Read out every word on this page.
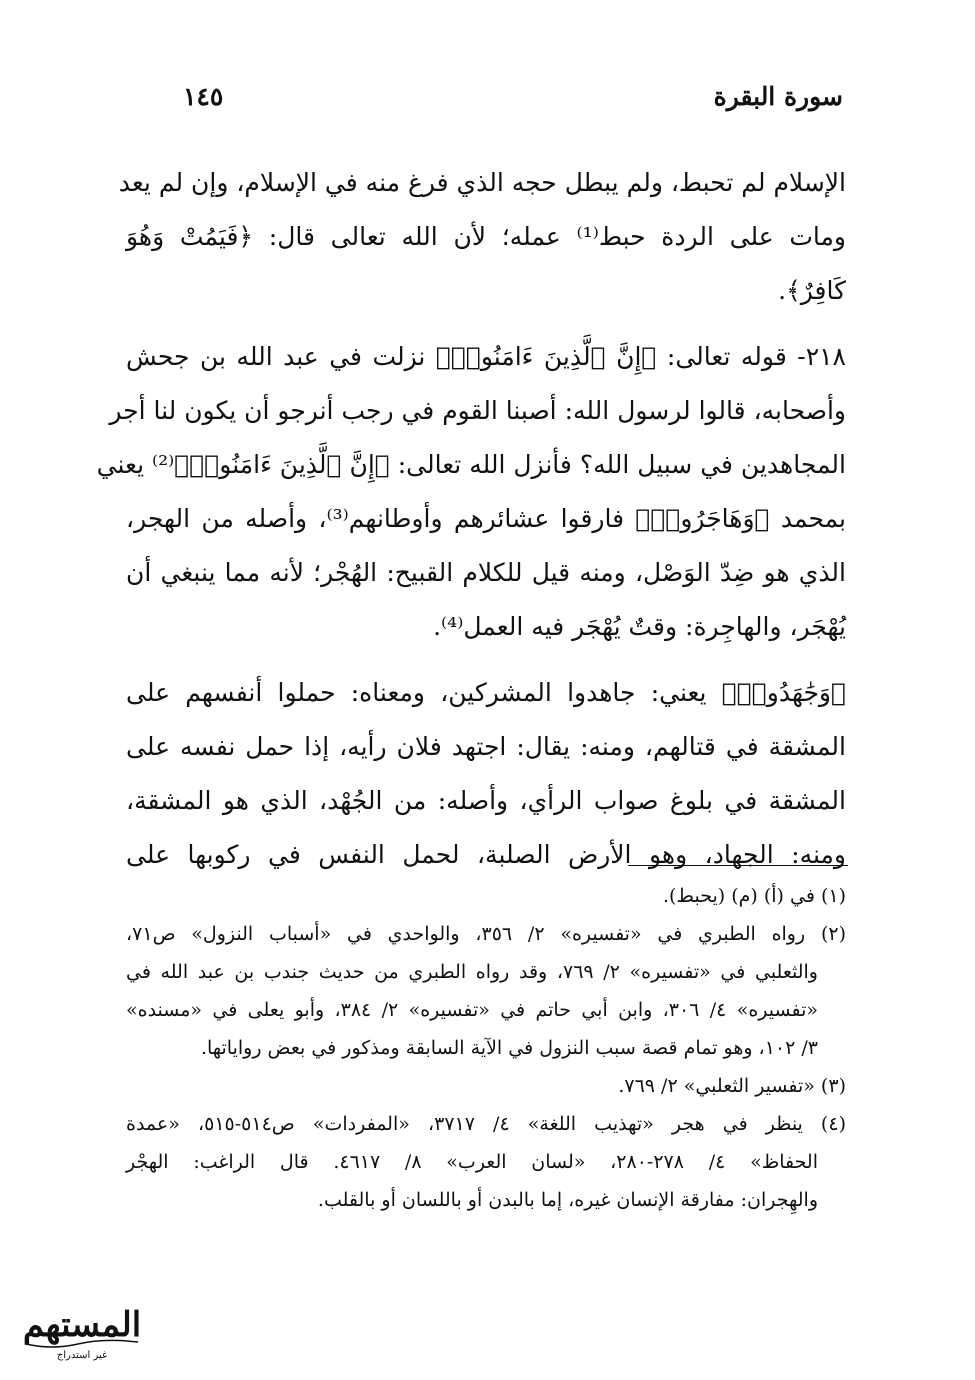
سورة البقرة
١٤٥
الإسلام لم تحبط، ولم يبطل حجه الذي فرغ منه في الإسلام، وإن لم يعد
ومات على الردة حبط⁽¹⁾ عمله؛ لأن الله تعالى قال: ﴿فَيَمُتْ وَهُوَ
كَافِرٌ﴾.
٢١٨- قوله تعالى: ﴿إِنَّ ٱلَّذِينَ ءَامَنُوا۟﴾ نزلت في عبد الله بن جحش
وأصحابه، قالوا لرسول الله: أصبنا القوم في رجب أنرجو أن يكون لنا أجر
المجاهدين في سبيل الله؟ فأنزل الله تعالى: ﴿إِنَّ ٱلَّذِينَ ءَامَنُوا۟﴾⁽²⁾ يعني
بمحمد ﴿وَهَاجَرُوا۟﴾ فارقوا عشائرهم وأوطانهم⁽³⁾، وأصله من الهجر،
الذي هو ضِدّ الوَصْل، ومنه قيل للكلام القبيح: الهُجْر؛ لأنه مما ينبغي أن
يُهْجَر، والهاجِرة: وقتٌ يُهْجَر فيه العمل⁽⁴⁾.
﴿وَجَٰهَدُوا۟﴾ يعني: جاهدوا المشركين، ومعناه: حملوا أنفسهم على
المشقة في قتالهم، ومنه: يقال: اجتهد فلان رأيه، إذا حمل نفسه على
المشقة في بلوغ صواب الرأي، وأصله: من الجُهْد، الذي هو المشقة،
ومنه: الجهاد، وهو الأرض الصلبة، لحمل النفس في ركوبها على
(١) في (أ) (م) (يحبط).
(٢) رواه الطبري في «تفسيره» ٢/ ٣٥٦، والواحدي في «أسباب النزول» ص٧١،
والثعلبي في «تفسيره» ٢/ ٧٦٩، وقد رواه الطبري من حديث جندب بن عبد الله في
«تفسيره» ٤/ ٣٠٦، وابن أبي حاتم في «تفسيره» ٢/ ٣٨٤، وأبو يعلى في «مسنده»
٣/ ١٠٢، وهو تمام قصة سبب النزول في الآية السابقة ومذكور في بعض رواياتها.
(٣) «تفسير الثعلبي» ٢/ ٧٦٩.
(٤) ينظر في هجر «تهذيب اللغة» ٤/ ٣٧١٧، «المفردات» ص٥١٤-٥١٥، «عمدة
الحفاظ» ٤/ ٢٧٨-٢٨٠، «لسان العرب» ٨/ ٤٦١٧. قال الراغب: الهجْر
والهِجران: مفارقة الإنسان غيره، إما بالبدن أو باللسان أو بالقلب.
المستهم
غير استدراج
